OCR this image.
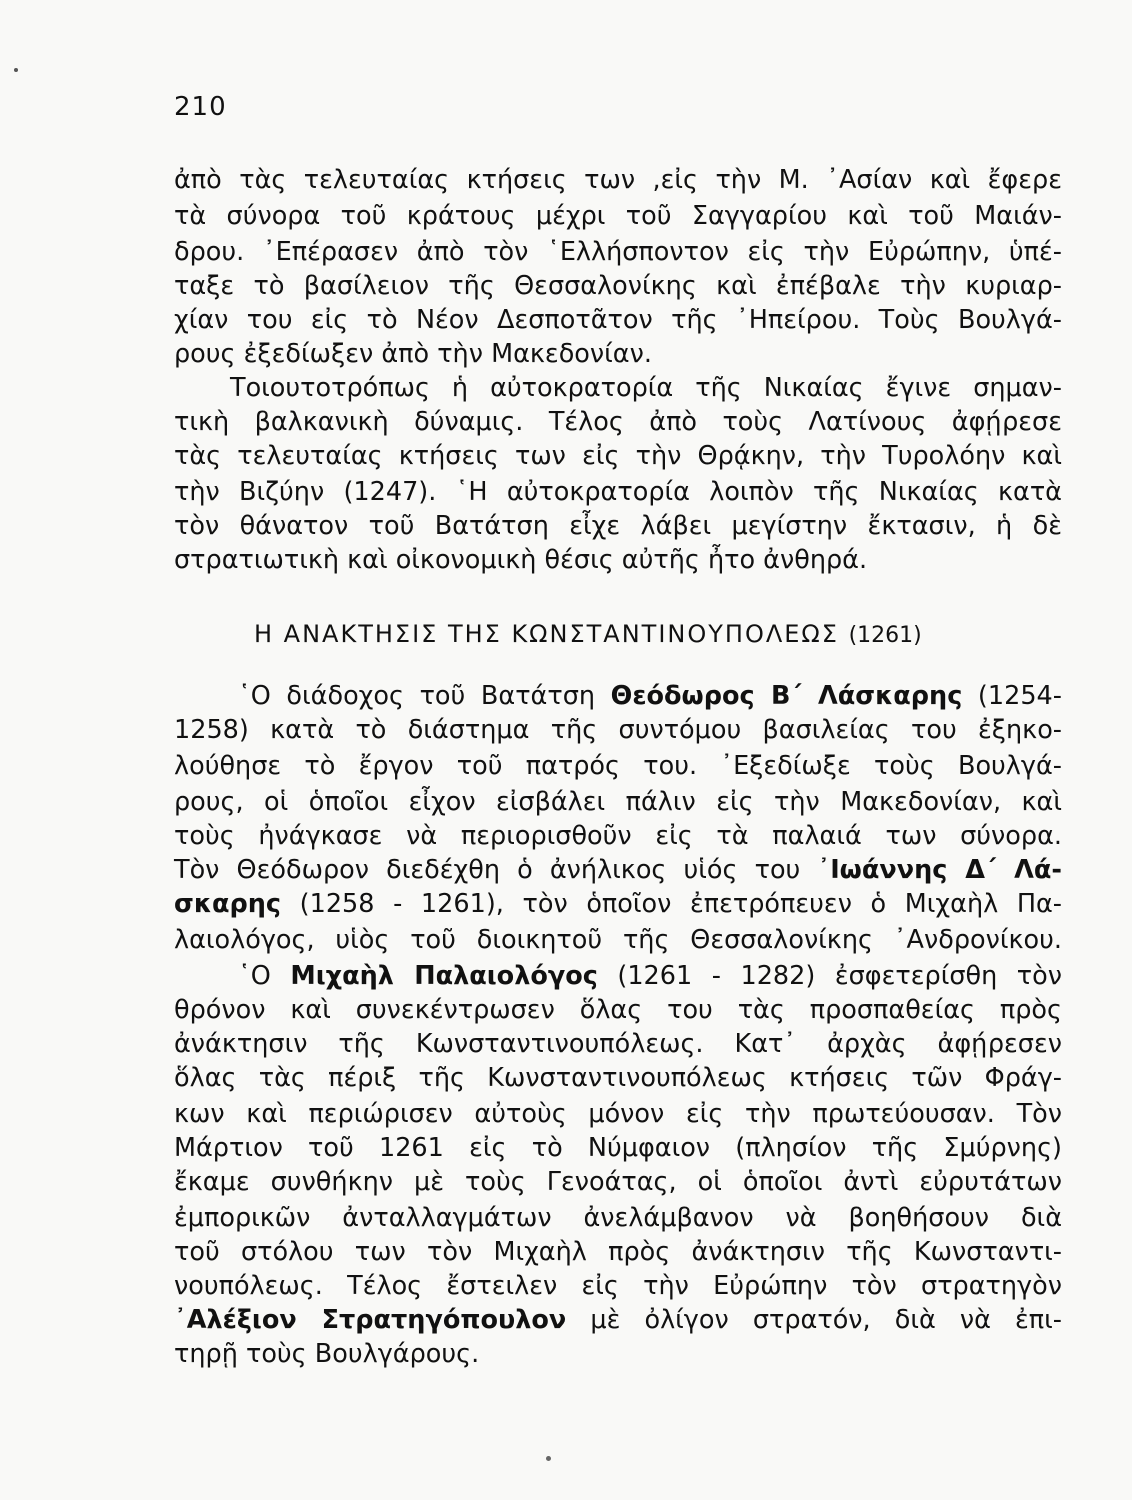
210
ἀπὸ τὰς τελευταίας κτήσεις των ,εἰς τὴν Μ. ᾿Ασίαν καὶ ἔφερε
τὰ σύνορα τοῦ κράτους μέχρι τοῦ Σαγγαρίου καὶ τοῦ Μαιάν-
δρου. ᾿Επέρασεν ἀπὸ τὸν ῾Ελλήσποντον εἰς τὴν Εὐρώπην, ὑπέ-
ταξε τὸ βασίλειον τῆς Θεσσαλονίκης καὶ ἐπέβαλε τὴν κυριαρ-
χίαν του εἰς τὸ Νέον Δεσποτᾶτον τῆς ᾿Ηπείρου. Τοὺς Βουλγά-
ρους ἐξεδίωξεν ἀπὸ τὴν Μακεδονίαν.
Τοιουτοτρόπως ἡ αὐτοκρατορία τῆς Νικαίας ἔγινε σημαν-
τικὴ βαλκανικὴ δύναμις. Τέλος ἀπὸ τοὺς Λατίνους ἀφῄρεσε
τὰς τελευταίας κτήσεις των εἰς τὴν Θρᾴκην, τὴν Τυρολόην καὶ
τὴν Βιζύην (1247). ῾Η αὐτοκρατορία λοιπὸν τῆς Νικαίας κατὰ
τὸν θάνατον τοῦ Βατάτση εἶχε λάβει μεγίστην ἔκτασιν, ἡ δὲ
στρατιωτικὴ καὶ οἰκονομικὴ θέσις αὐτῆς ἦτο ἀνθηρά.
Η ΑΝΑΚΤΗΣΙΣ ΤΗΣ ΚΩΝΣΤΑΝΤΙΝΟΥΠΟΛΕΩΣ (1261)
῾Ο διάδοχος τοῦ Βατάτση Θεόδωρος Β΄ Λάσκαρης (1254-
1258) κατὰ τὸ διάστημα τῆς συντόμου βασιλείας του ἐξηκο-
λούθησε τὸ ἔργον τοῦ πατρός του. ᾿Εξεδίωξε τοὺς Βουλγά-
ρους, οἱ ὁποῖοι εἶχον εἰσβάλει πάλιν εἰς τὴν Μακεδονίαν, καὶ
τοὺς ἠνάγκασε νὰ περιορισθοῦν εἰς τὰ παλαιά των σύνορα.
Τὸν Θεόδωρον διεδέχθη ὁ ἀνήλικος υἱός του ᾿Ιωάννης Δ΄ Λά-
σκαρης (1258 - 1261), τὸν ὁποῖον ἐπετρόπευεν ὁ Μιχαὴλ Πα-
λαιολόγος, υἱὸς τοῦ διοικητοῦ τῆς Θεσσαλονίκης ᾿Ανδρονίκου.
῾Ο Μιχαὴλ Παλαιολόγος (1261 - 1282) ἐσφετερίσθη τὸν
θρόνον καὶ συνεκέντρωσεν ὅλας του τὰς προσπαθείας πρὸς
ἀνάκτησιν τῆς Κωνσταντινουπόλεως. Κατ᾿ ἀρχὰς ἀφῄρεσεν
ὅλας τὰς πέριξ τῆς Κωνσταντινουπόλεως κτήσεις τῶν Φράγ-
κων καὶ περιώρισεν αὐτοὺς μόνον εἰς τὴν πρωτεύουσαν. Τὸν
Μάρτιον τοῦ 1261 εἰς τὸ Νύμφαιον (πλησίον τῆς Σμύρνης)
ἔκαμε συνθήκην μὲ τοὺς Γενοάτας, οἱ ὁποῖοι ἀντὶ εὐρυτάτων
ἐμπορικῶν ἀνταλλαγμάτων ἀνελάμβανον νὰ βοηθήσουν διὰ
τοῦ στόλου των τὸν Μιχαὴλ πρὸς ἀνάκτησιν τῆς Κωνσταντι-
νουπόλεως. Τέλος ἔστειλεν εἰς τὴν Εὐρώπην τὸν στρατηγὸν
᾿Αλέξιον Στρατηγόπουλον μὲ ὀλίγον στρατόν, διὰ νὰ ἐπι-
τηρῇ τοὺς Βουλγάρους.
